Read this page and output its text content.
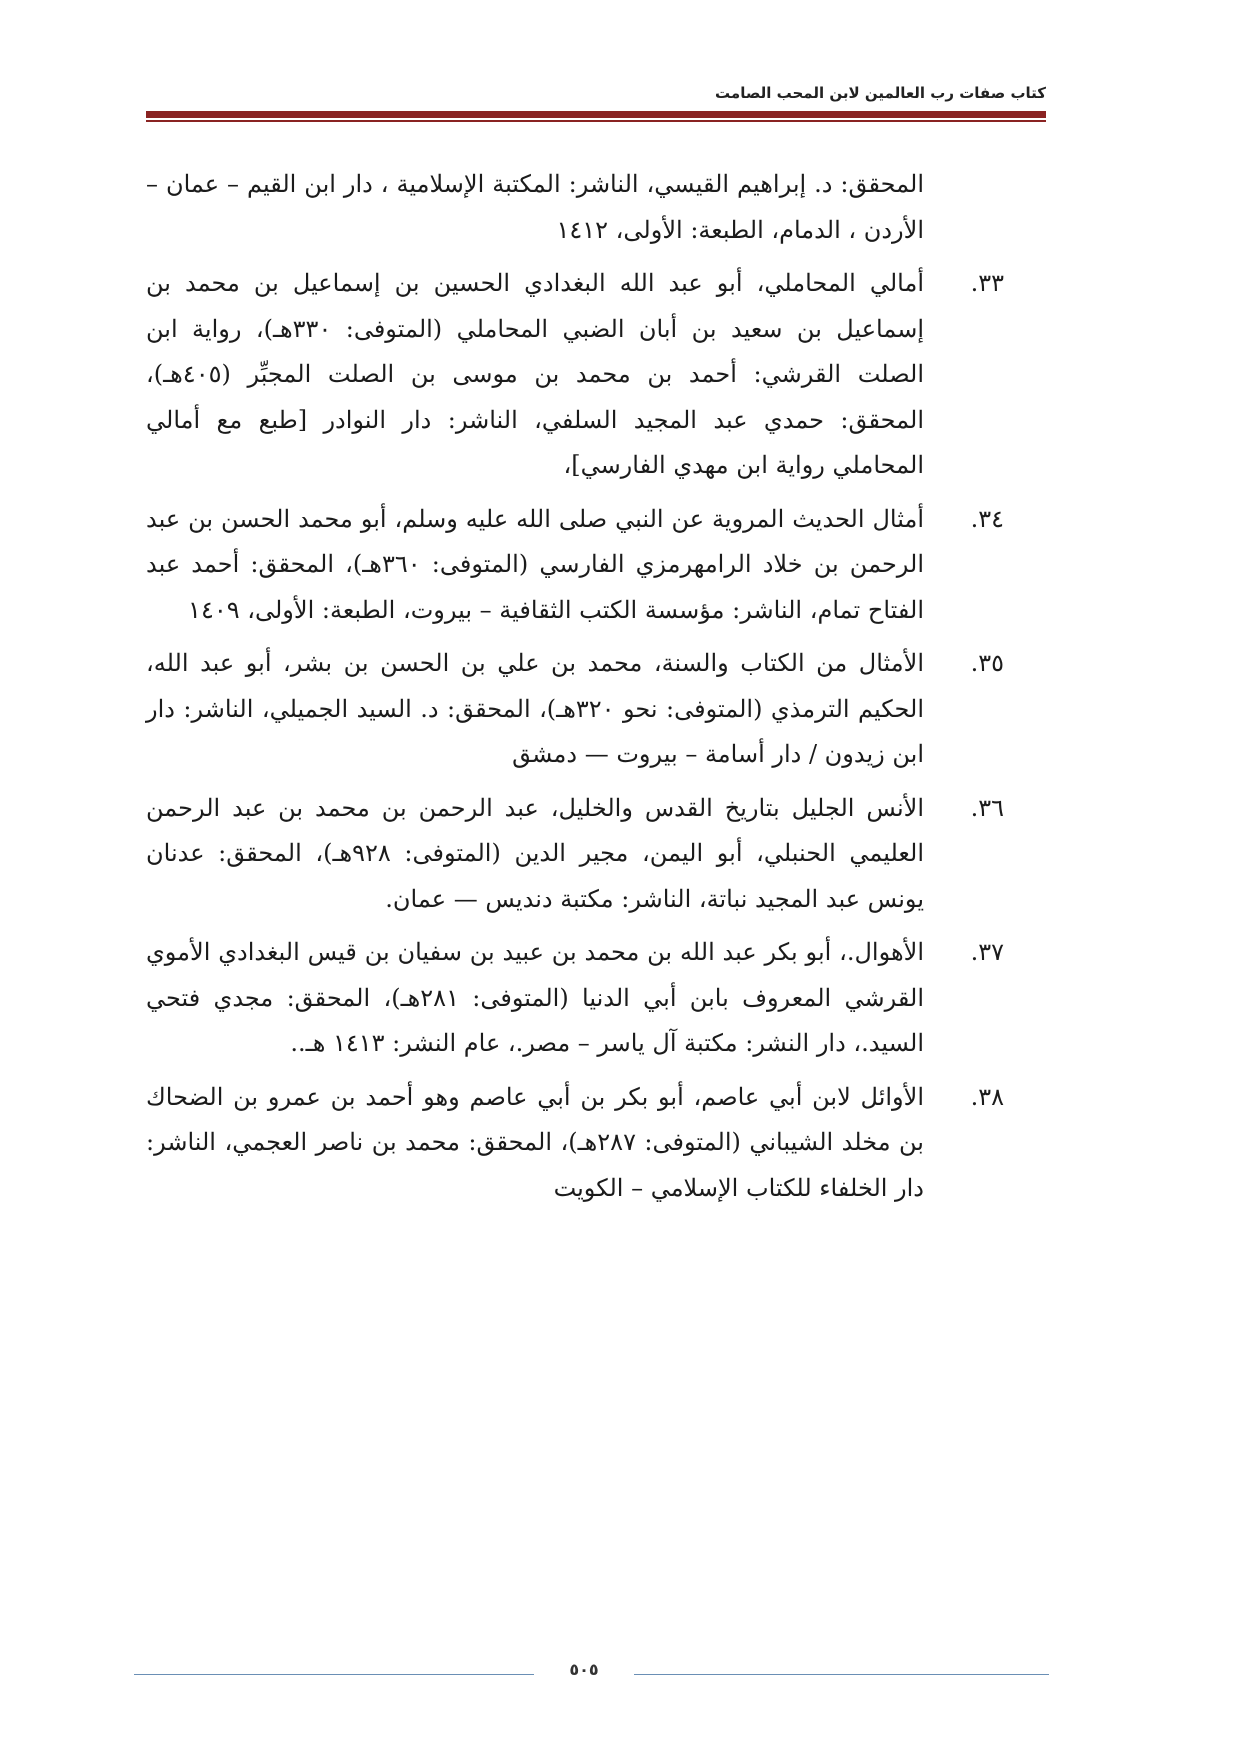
كتاب صفات رب العالمين لابن المحب الصامت
المحقق: د. إبراهيم القيسي، الناشر: المكتبة الإسلامية ، دار ابن القيم – عمان – الأردن ، الدمام، الطبعة: الأولى، ١٤١٢
٣٣.
أمالي المحاملي، أبو عبد الله البغدادي الحسين بن إسماعيل بن محمد بن إسماعيل بن سعيد بن أبان الضبي المحاملي (المتوفى: ٣٣٠هـ)، رواية ابن الصلت القرشي: أحمد بن محمد بن موسى بن الصلت المجبِّر (٤٠٥هـ)، المحقق: حمدي عبد المجيد السلفي، الناشر: دار النوادر [طبع مع أمالي المحاملي رواية ابن مهدي الفارسي]،
٣٤.
أمثال الحديث المروية عن النبي صلى الله عليه وسلم، أبو محمد الحسن بن عبد الرحمن بن خلاد الرامهرمزي الفارسي (المتوفى: ٣٦٠هـ)، المحقق: أحمد عبد الفتاح تمام، الناشر: مؤسسة الكتب الثقافية – بيروت، الطبعة: الأولى، ١٤٠٩
٣٥.
الأمثال من الكتاب والسنة، محمد بن علي بن الحسن بن بشر، أبو عبد الله، الحكيم الترمذي (المتوفى: نحو ٣٢٠هـ)، المحقق: د. السيد الجميلي، الناشر: دار ابن زيدون / دار أسامة – بيروت — دمشق
٣٦.
الأنس الجليل بتاريخ القدس والخليل، عبد الرحمن بن محمد بن عبد الرحمن العليمي الحنبلي، أبو اليمن، مجير الدين (المتوفى: ٩٢٨هـ)، المحقق: عدنان يونس عبد المجيد نباتة، الناشر: مكتبة دنديس — عمان.
٣٧.
الأهوال.، أبو بكر عبد الله بن محمد بن عبيد بن سفيان بن قيس البغدادي الأموي القرشي المعروف بابن أبي الدنيا (المتوفى: ٢٨١هـ)، المحقق: مجدي فتحي السيد.، دار النشر: مكتبة آل ياسر – مصر.، عام النشر: ١٤١٣ هـ..
٣٨.
الأوائل لابن أبي عاصم، أبو بكر بن أبي عاصم وهو أحمد بن عمرو بن الضحاك بن مخلد الشيباني (المتوفى: ٢٨٧هـ)، المحقق: محمد بن ناصر العجمي، الناشر: دار الخلفاء للكتاب الإسلامي – الكويت
٥٠٥
